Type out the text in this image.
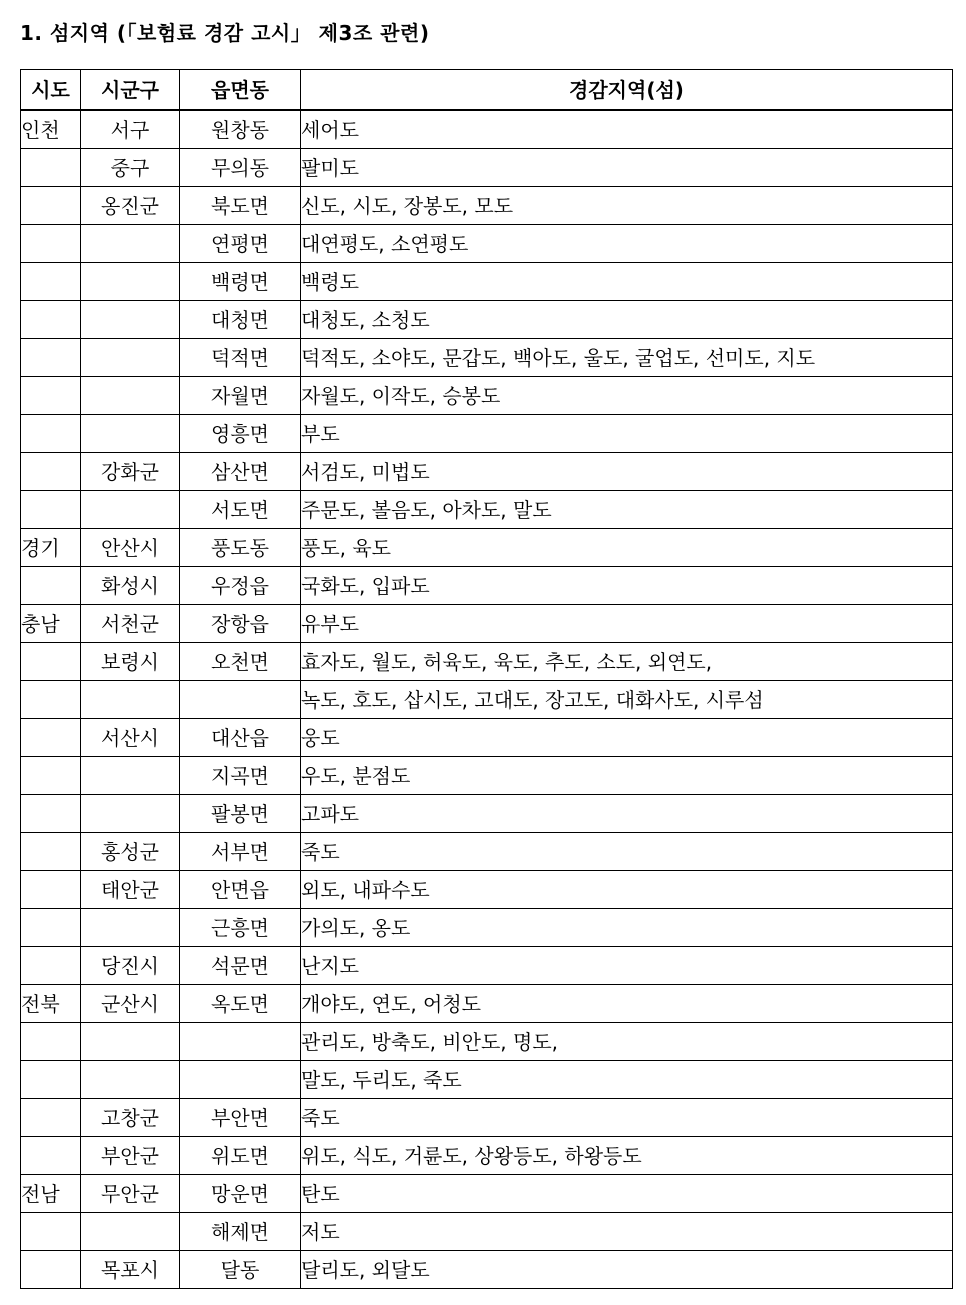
1. 섬지역 (「보험료 경감 고시」 제3조 관련)
시도	시군구	읍면동	경감지역(섬)
인천	서구	원창동	세어도
	중구	무의동	팔미도
	옹진군	북도면	신도, 시도, 장봉도, 모도
		연평면	대연평도, 소연평도
		백령면	백령도
		대청면	대청도, 소청도
		덕적면	덕적도, 소야도, 문갑도, 백아도, 울도, 굴업도, 선미도, 지도
		자월면	자월도, 이작도, 승봉도
		영흥면	부도
	강화군	삼산면	서검도, 미법도
		서도면	주문도, 볼음도, 아차도, 말도
경기	안산시	풍도동	풍도, 육도
	화성시	우정읍	국화도, 입파도
충남	서천군	장항읍	유부도
	보령시	오천면	효자도, 월도, 허육도, 육도, 추도, 소도, 외연도,
			녹도, 호도, 삽시도, 고대도, 장고도, 대화사도, 시루섬
	서산시	대산읍	웅도
		지곡면	우도, 분점도
		팔봉면	고파도
	홍성군	서부면	죽도
	태안군	안면읍	외도, 내파수도
		근흥면	가의도, 옹도
	당진시	석문면	난지도
전북	군산시	옥도면	개야도, 연도, 어청도
			관리도, 방축도, 비안도, 명도,
			말도, 두리도, 죽도
	고창군	부안면	죽도
	부안군	위도면	위도, 식도, 거륜도, 상왕등도, 하왕등도
전남	무안군	망운면	탄도
		해제면	저도
	목포시	달동	달리도, 외달도
